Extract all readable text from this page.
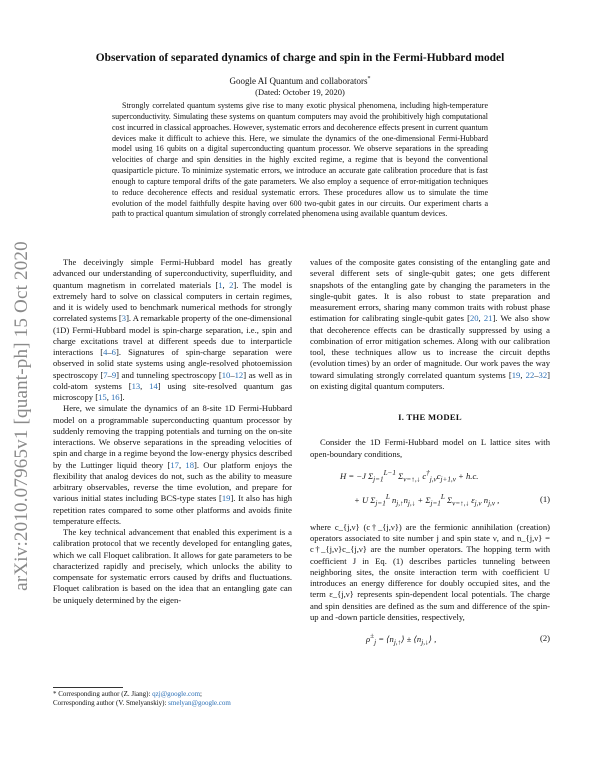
Observation of separated dynamics of charge and spin in the Fermi-Hubbard model
Google AI Quantum and collaborators*
(Dated: October 19, 2020)
Strongly correlated quantum systems give rise to many exotic physical phenomena, including high-temperature superconductivity. Simulating these systems on quantum computers may avoid the prohibitively high computational cost incurred in classical approaches. However, systematic errors and decoherence effects present in current quantum devices make it difficult to achieve this. Here, we simulate the dynamics of the one-dimensional Fermi-Hubbard model using 16 qubits on a digital superconducting quantum processor. We observe separations in the spreading velocities of charge and spin densities in the highly excited regime, a regime that is beyond the conventional quasiparticle picture. To minimize systematic errors, we introduce an accurate gate calibration procedure that is fast enough to capture temporal drifts of the gate parameters. We also employ a sequence of error-mitigation techniques to reduce decoherence effects and residual systematic errors. These procedures allow us to simulate the time evolution of the model faithfully despite having over 600 two-qubit gates in our circuits. Our experiment charts a path to practical quantum simulation of strongly correlated phenomena using available quantum devices.
arXiv:2010.07965v1 [quant-ph] 15 Oct 2020	The deceivingly simple Fermi-Hubbard model has greatly advanced our understanding of superconductivity, superfluidity, and quantum magnetism in correlated materials [1, 2]. The model is extremely hard to solve on classical computers in certain regimes, and it is widely used to benchmark numerical methods for strongly correlated systems [3]. A remarkable property of the one-dimensional (1D) Fermi-Hubbard model is spin-charge separation, i.e., spin and charge excitations travel at different speeds due to interparticle interactions [4–6]. Signatures of spin-charge separation were observed in solid state systems using angle-resolved photoemission spectroscopy [7–9] and tunneling spectroscopy [10–12] as well as in cold-atom systems [13, 14] using site-resolved quantum gas microscopy [15, 16].

Here, we simulate the dynamics of an 8-site 1D Fermi-Hubbard model on a programmable superconducting quantum processor by suddenly removing the trapping potentials and turning on the on-site interactions. We observe separations in the spreading velocities of spin and charge in a regime beyond the low-energy physics described by the Luttinger liquid theory [17, 18]. Our platform enjoys the flexibility that analog devices do not, such as the ability to measure arbitrary observables, reverse the time evolution, and prepare for various initial states including BCS-type states [19]. It also has high repetition rates compared to some other platforms and avoids finite temperature effects.

The key technical advancement that enabled this experiment is a calibration protocol that we recently developed for entangling gates, which we call Floquet calibration. It allows for gate parameters to be characterized rapidly and precisely, which unlocks the ability to compensate for systematic errors caused by drifts and fluctuations. Floquet calibration is based on the idea that an entangling gate can be uniquely determined by the eigen-

values of the composite gates consisting of the entangling gate and several different sets of single-qubit gates; one gets different snapshots of the entangling gate by changing the parameters in the single-qubit gates. It is also robust to state preparation and measurement errors, sharing many common traits with robust phase estimation for calibrating single-qubit gates [20, 21]. We also show that decoherence effects can be drastically suppressed by using a combination of error mitigation schemes. Along with our calibration tool, these techniques allow us to increase the circuit depths (evolution times) by an order of magnitude. Our work paves the way toward simulating strongly correlated quantum systems [19, 22–32] on existing digital quantum computers.

I. THE MODEL

Consider the 1D Fermi-Hubbard model on L lattice sites with open-boundary conditions,

H = −J $\Sigma_{j=1}^{L-1}$ $\Sigma_{\nu=↑,↓}$ $c^\dagger_{j,\nu}c_{j+1,\nu} + h.c$.
+ U $\Sigma_{j=1}^L$ $n_{j,↑}n_{j,↓} + \Sigma_{j=1}^L$ $\Sigma_{\nu=↑,↓}$ $\varepsilon_{j,\nu}$ $n_{j,\nu}$ ,	(1)

where c_{j,ν} (c†_{j,ν}) are the fermionic annihilation (creation) operators associated to site number j and spin state ν, and n_{j,ν} = c†_{j,ν}c_{j,ν} are the number operators. The hopping term with coefficient J in Eq. (1) describes particles tunneling between neighboring sites, the onsite interaction term with coefficient U introduces an energy difference for doubly occupied sites, and the term ε_{j,ν} represents spin-dependent local potentials. The charge and spin densities are defined as the sum and difference of the spin-up and -down particle densities, respectively,

$\rho^\pm_j$ = $⟨n_{j,↑}⟩$ ± $⟨n_{j,↓}⟩$ ,	(2)
* Corresponding author (Z. Jiang): qzj@google.com;
Corresponding author (V. Smelyanskiy): smelyan@google.com
